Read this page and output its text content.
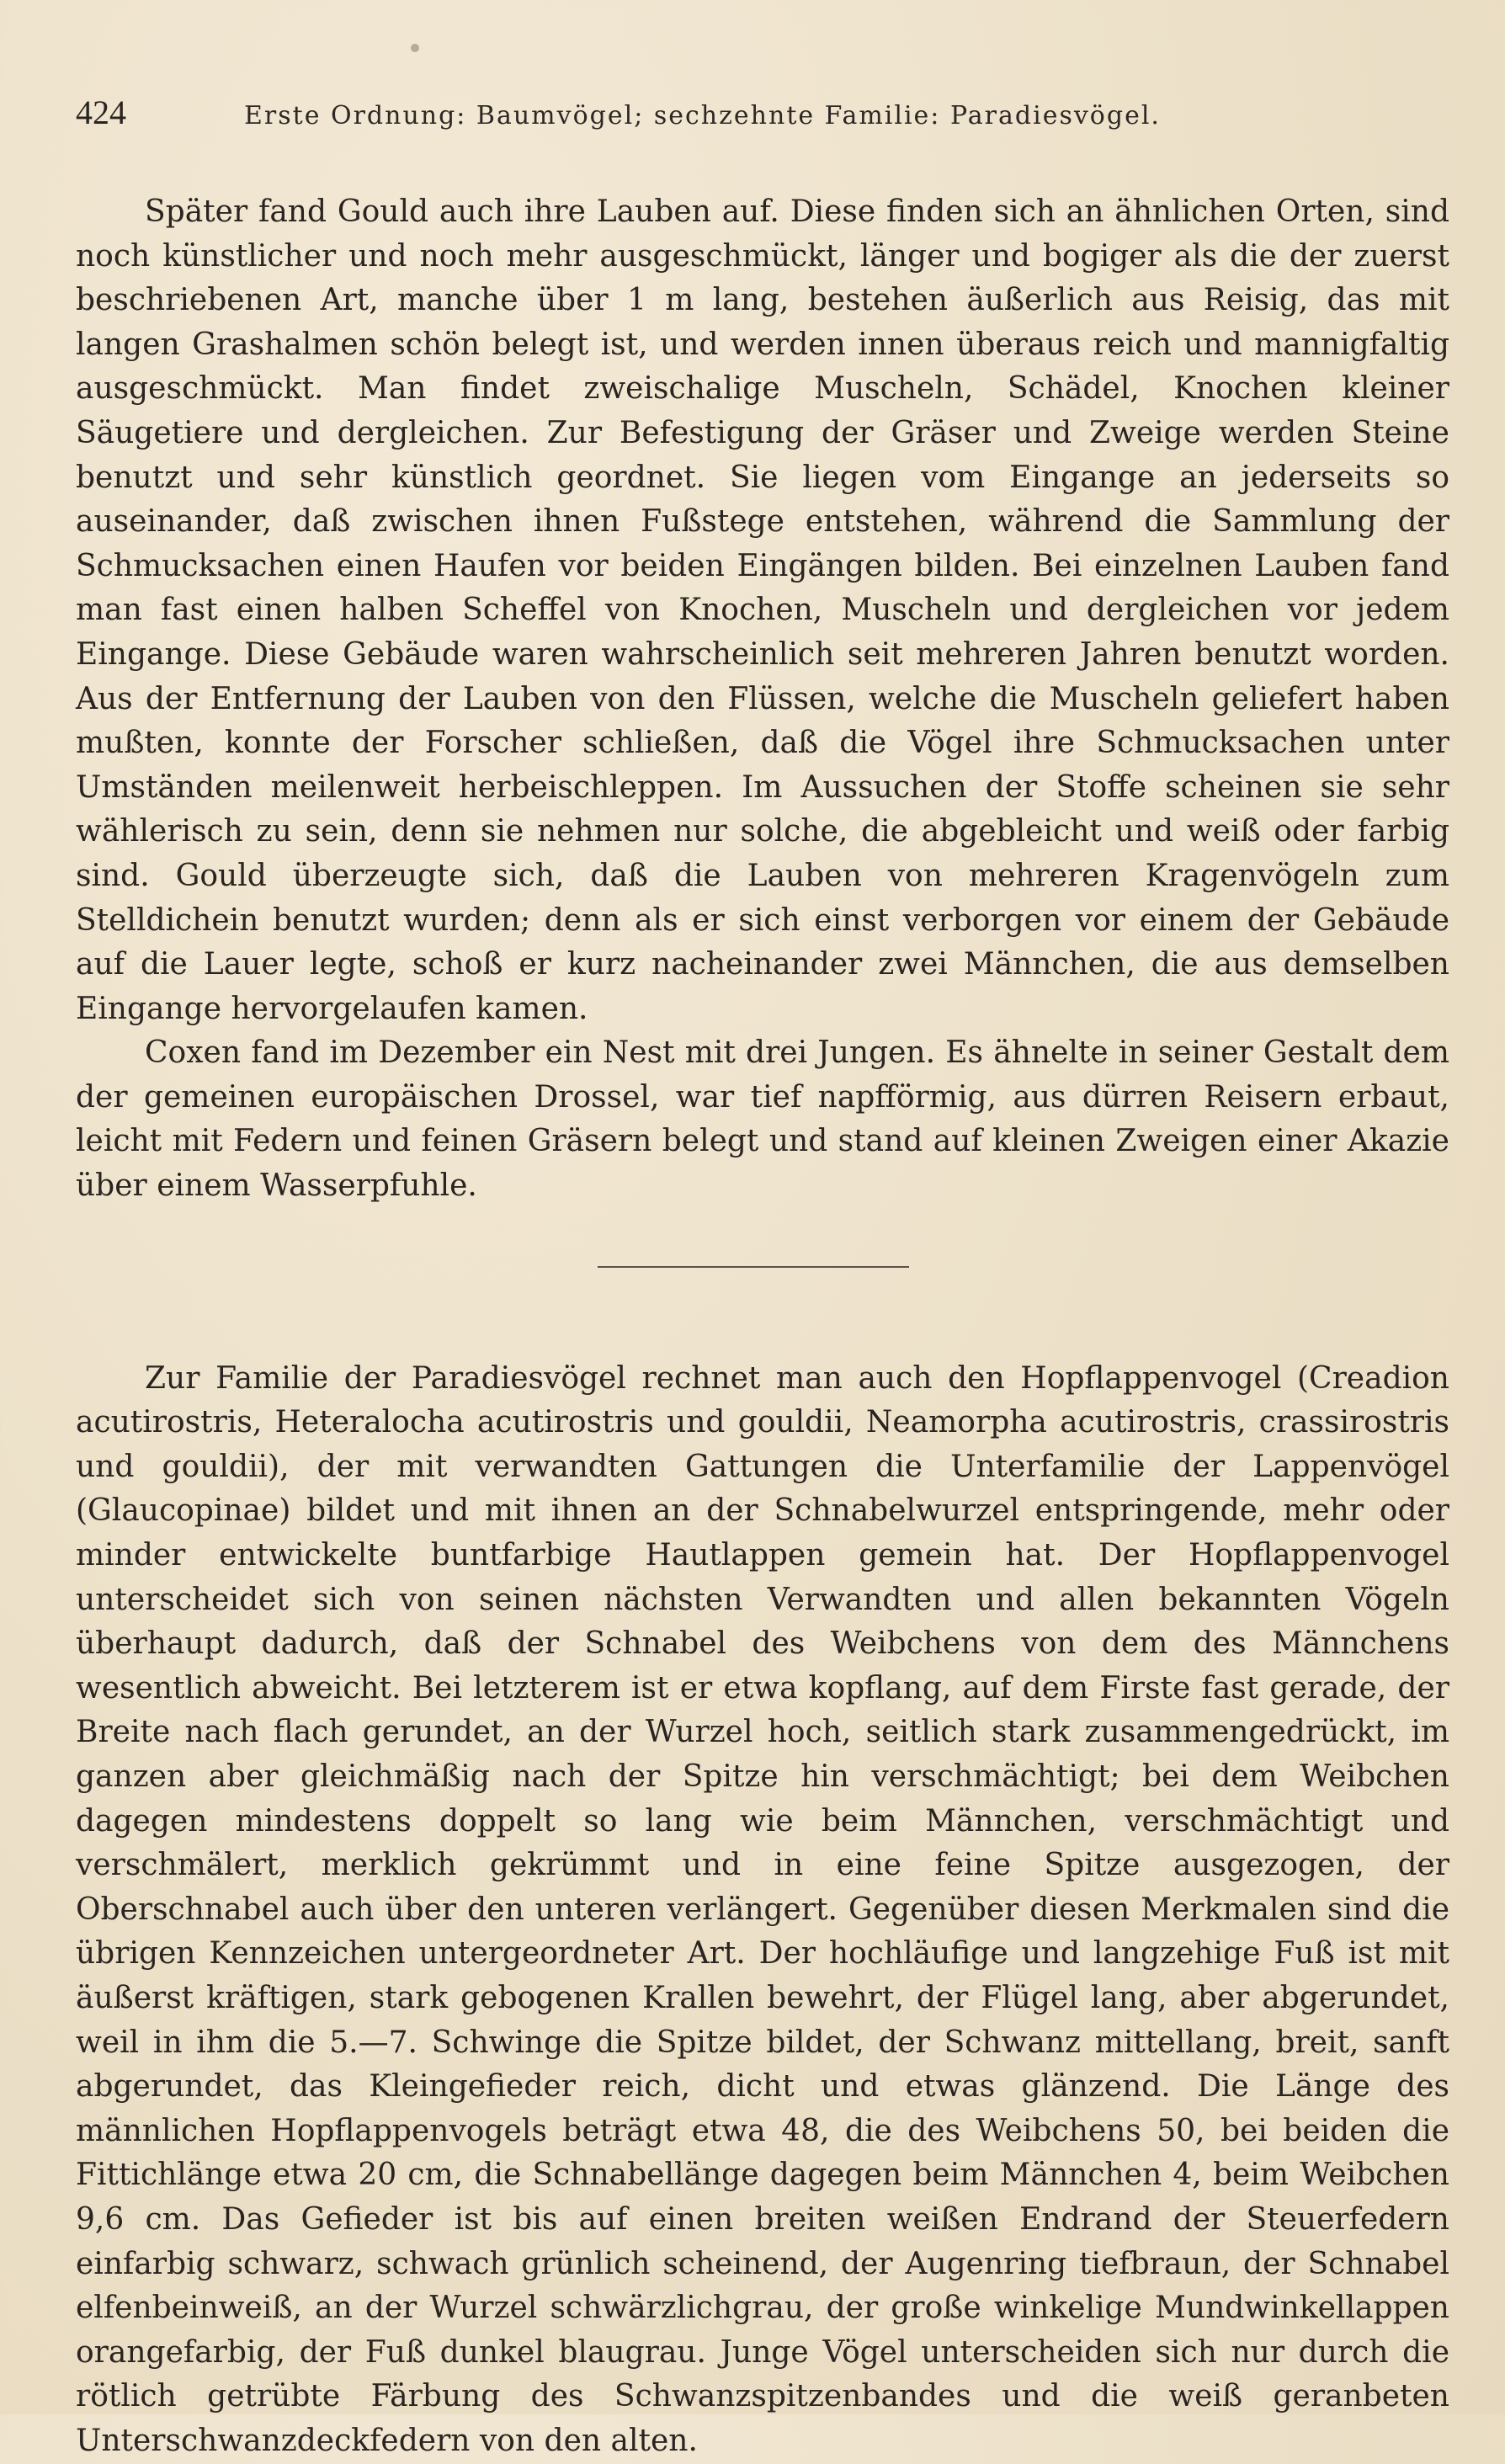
424	Erste Ordnung: Baumvögel; sechzehnte Familie: Paradiesvögel.

Später fand Gould auch ihre Lauben auf. Diese finden sich an ähnlichen Orten, sind noch künstlicher und noch mehr ausgeschmückt, länger und bogiger als die der zuerst beschriebenen Art, manche über 1 m lang, bestehen äußerlich aus Reisig, das mit langen Grashalmen schön belegt ist, und werden innen überaus reich und mannigfaltig ausgeschmückt. Man findet zweischalige Muscheln, Schädel, Knochen kleiner Säugetiere und dergleichen. Zur Befestigung der Gräser und Zweige werden Steine benutzt und sehr künstlich geordnet. Sie liegen vom Eingange an jederseits so auseinander, daß zwischen ihnen Fußstege entstehen, während die Sammlung der Schmucksachen einen Haufen vor beiden Eingängen bilden. Bei einzelnen Lauben fand man fast einen halben Scheffel von Knochen, Muscheln und dergleichen vor jedem Eingange. Diese Gebäude waren wahrscheinlich seit mehreren Jahren benutzt worden. Aus der Entfernung der Lauben von den Flüssen, welche die Muscheln geliefert haben mußten, konnte der Forscher schließen, daß die Vögel ihre Schmucksachen unter Umständen meilenweit herbeischleppen. Im Aussuchen der Stoffe scheinen sie sehr wählerisch zu sein, denn sie nehmen nur solche, die abgebleicht und weiß oder farbig sind. Gould überzeugte sich, daß die Lauben von mehreren Kragenvögeln zum Stelldichein benutzt wurden; denn als er sich einst verborgen vor einem der Gebäude auf die Lauer legte, schoß er kurz nacheinander zwei Männchen, die aus demselben Eingange hervorgelaufen kamen.

Coxen fand im Dezember ein Nest mit drei Jungen. Es ähnelte in seiner Gestalt dem der gemeinen europäischen Drossel, war tief napfförmig, aus dürren Reisern erbaut, leicht mit Federn und feinen Gräsern belegt und stand auf kleinen Zweigen einer Akazie über einem Wasserpfuhle.

Zur Familie der Paradiesvögel rechnet man auch den Hopflappenvogel (Creadion acutirostris, Heteralocha acutirostris und gouldii, Neamorpha acutirostris, crassirostris und gouldii), der mit verwandten Gattungen die Unterfamilie der Lappenvögel (Glaucopinae) bildet und mit ihnen an der Schnabelwurzel entspringende, mehr oder minder entwickelte buntfarbige Hautlappen gemein hat. Der Hopflappenvogel unterscheidet sich von seinen nächsten Verwandten und allen bekannten Vögeln überhaupt dadurch, daß der Schnabel des Weibchens von dem des Männchens wesentlich abweicht. Bei letzterem ist er etwa kopflang, auf dem Firste fast gerade, der Breite nach flach gerundet, an der Wurzel hoch, seitlich stark zusammengedrückt, im ganzen aber gleichmäßig nach der Spitze hin verschmächtigt; bei dem Weibchen dagegen mindestens doppelt so lang wie beim Männchen, verschmächtigt und verschmälert, merklich gekrümmt und in eine feine Spitze ausgezogen, der Oberschnabel auch über den unteren verlängert. Gegenüber diesen Merkmalen sind die übrigen Kennzeichen untergeordneter Art. Der hochläufige und langzehige Fuß ist mit äußerst kräftigen, stark gebogenen Krallen bewehrt, der Flügel lang, aber abgerundet, weil in ihm die 5.—7. Schwinge die Spitze bildet, der Schwanz mittellang, breit, sanft abgerundet, das Kleingefieder reich, dicht und etwas glänzend. Die Länge des männlichen Hopflappenvogels beträgt etwa 48, die des Weibchens 50, bei beiden die Fittichlänge etwa 20 cm, die Schnabellänge dagegen beim Männchen 4, beim Weibchen 9,6 cm. Das Gefieder ist bis auf einen breiten weißen Endrand der Steuerfedern einfarbig schwarz, schwach grünlich scheinend, der Augenring tiefbraun, der Schnabel elfenbeinweiß, an der Wurzel schwärzlichgrau, der große winkelige Mundwinkellappen orangefarbig, der Fuß dunkel blaugrau. Junge Vögel unterscheiden sich nur durch die rötlich getrübte Färbung des Schwanzspitzenbandes und die weiß geranbeten Unterschwanzdeckfedern von den alten.
